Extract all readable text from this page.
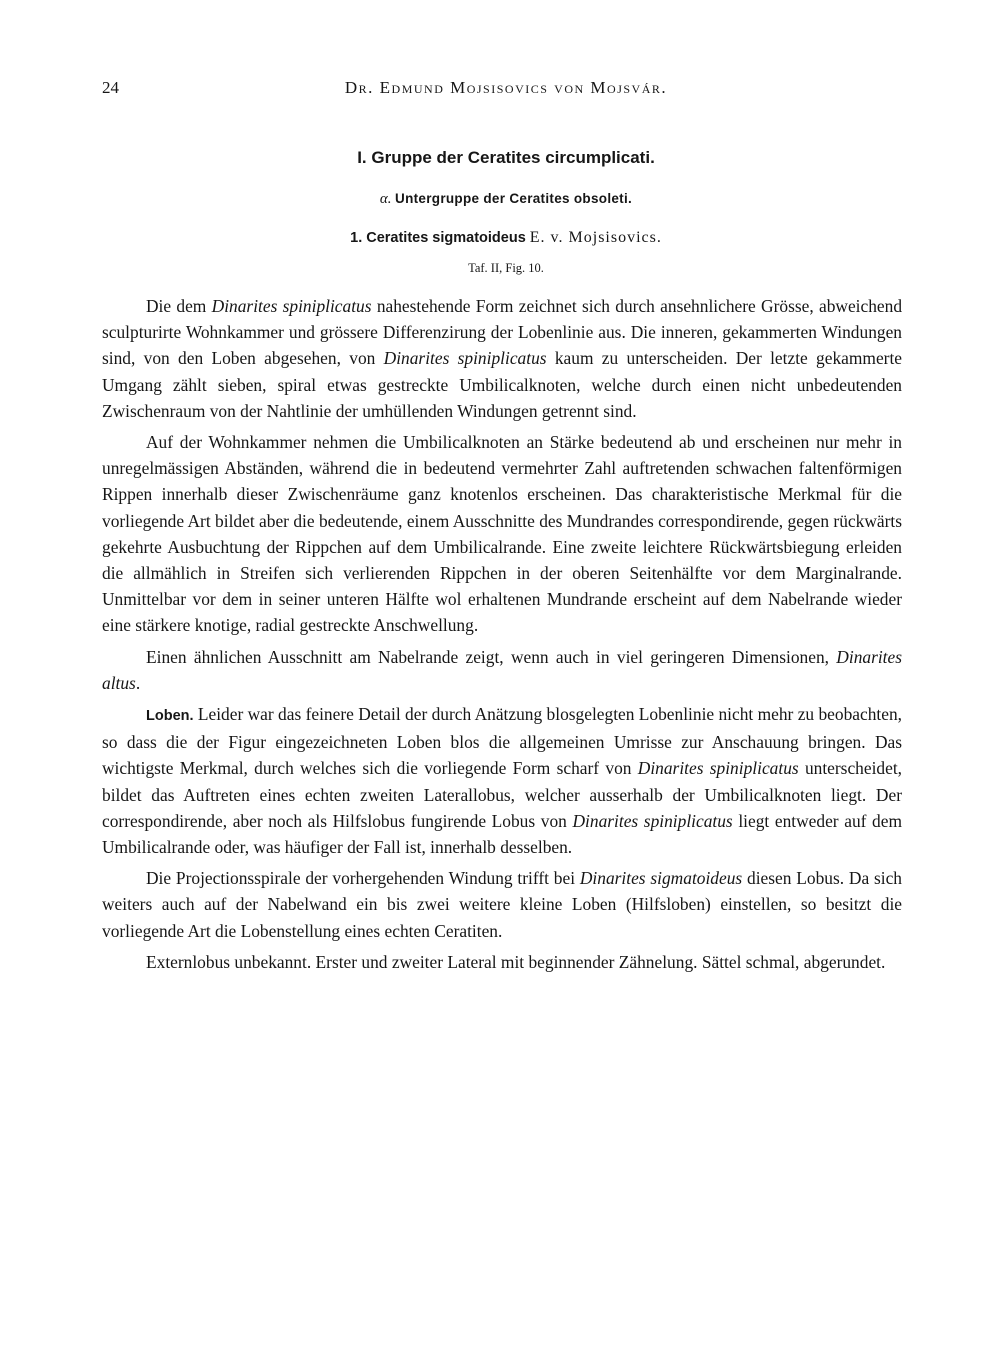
24	Dr. Edmund Mojsisovics von Mojsvár.
I. Gruppe der Ceratites circumplicati.
α. Untergruppe der Ceratites obsoleti.
1. Ceratites sigmatoideus E. v. Mojsisovics.
Taf. II, Fig. 10.

Die dem Dinarites spiniplicatus nahestehende Form zeichnet sich durch ansehnlichere Grösse, abweichend sculpturirte Wohnkammer und grössere Differenzirung der Lobenlinie aus. Die inneren, gekammerten Windungen sind, von den Loben abgesehen, von Dinarites spiniplicatus kaum zu unterscheiden. Der letzte gekammerte Umgang zählt sieben, spiral etwas gestreckte Umbilicalknoten, welche durch einen nicht unbedeutenden Zwischenraum von der Nahtlinie der umhüllenden Windungen getrennt sind.

Auf der Wohnkammer nehmen die Umbilicalknoten an Stärke bedeutend ab und erscheinen nur mehr in unregelmässigen Abständen, während die in bedeutend vermehrter Zahl auftretenden schwachen faltenförmigen Rippen innerhalb dieser Zwischenräume ganz knotenlos erscheinen. Das charakteristische Merkmal für die vorliegende Art bildet aber die bedeutende, einem Ausschnitte des Mundrandes correspondirende, gegen rückwärts gekehrte Ausbuchtung der Rippchen auf dem Umbilicalrande. Eine zweite leichtere Rückwärtsbiegung erleiden die allmählich in Streifen sich verlierenden Rippchen in der oberen Seitenhälfte vor dem Marginalrande. Unmittelbar vor dem in seiner unteren Hälfte wol erhaltenen Mundrande erscheint auf dem Nabelrande wieder eine stärkere knotige, radial gestreckte Anschwellung.

Einen ähnlichen Ausschnitt am Nabelrande zeigt, wenn auch in viel geringeren Dimensionen, Dinarites altus.

Loben. Leider war das feinere Detail der durch Anätzung blosgelegten Lobenlinie nicht mehr zu beobachten, so dass die der Figur eingezeichneten Loben blos die allgemeinen Umrisse zur Anschauung bringen. Das wichtigste Merkmal, durch welches sich die vorliegende Form scharf von Dinarites spiniplicatus unterscheidet, bildet das Auftreten eines echten zweiten Laterallobus, welcher ausserhalb der Umbilicalknoten liegt. Der correspondirende, aber noch als Hilfslobus fungirende Lobus von Dinarites spiniplicatus liegt entweder auf dem Umbilicalrande oder, was häufiger der Fall ist, innerhalb desselben.

Die Projectionsspirale der vorhergehenden Windung trifft bei Dinarites sigmatoideus diesen Lobus. Da sich weiters auch auf der Nabelwand ein bis zwei weitere kleine Loben (Hilfsloben) einstellen, so besitzt die vorliegende Art die Lobenstellung eines echten Ceratiten.

Externlobus unbekannt. Erster und zweiter Lateral mit beginnender Zähnelung. Sättel schmal, abgerundet.
